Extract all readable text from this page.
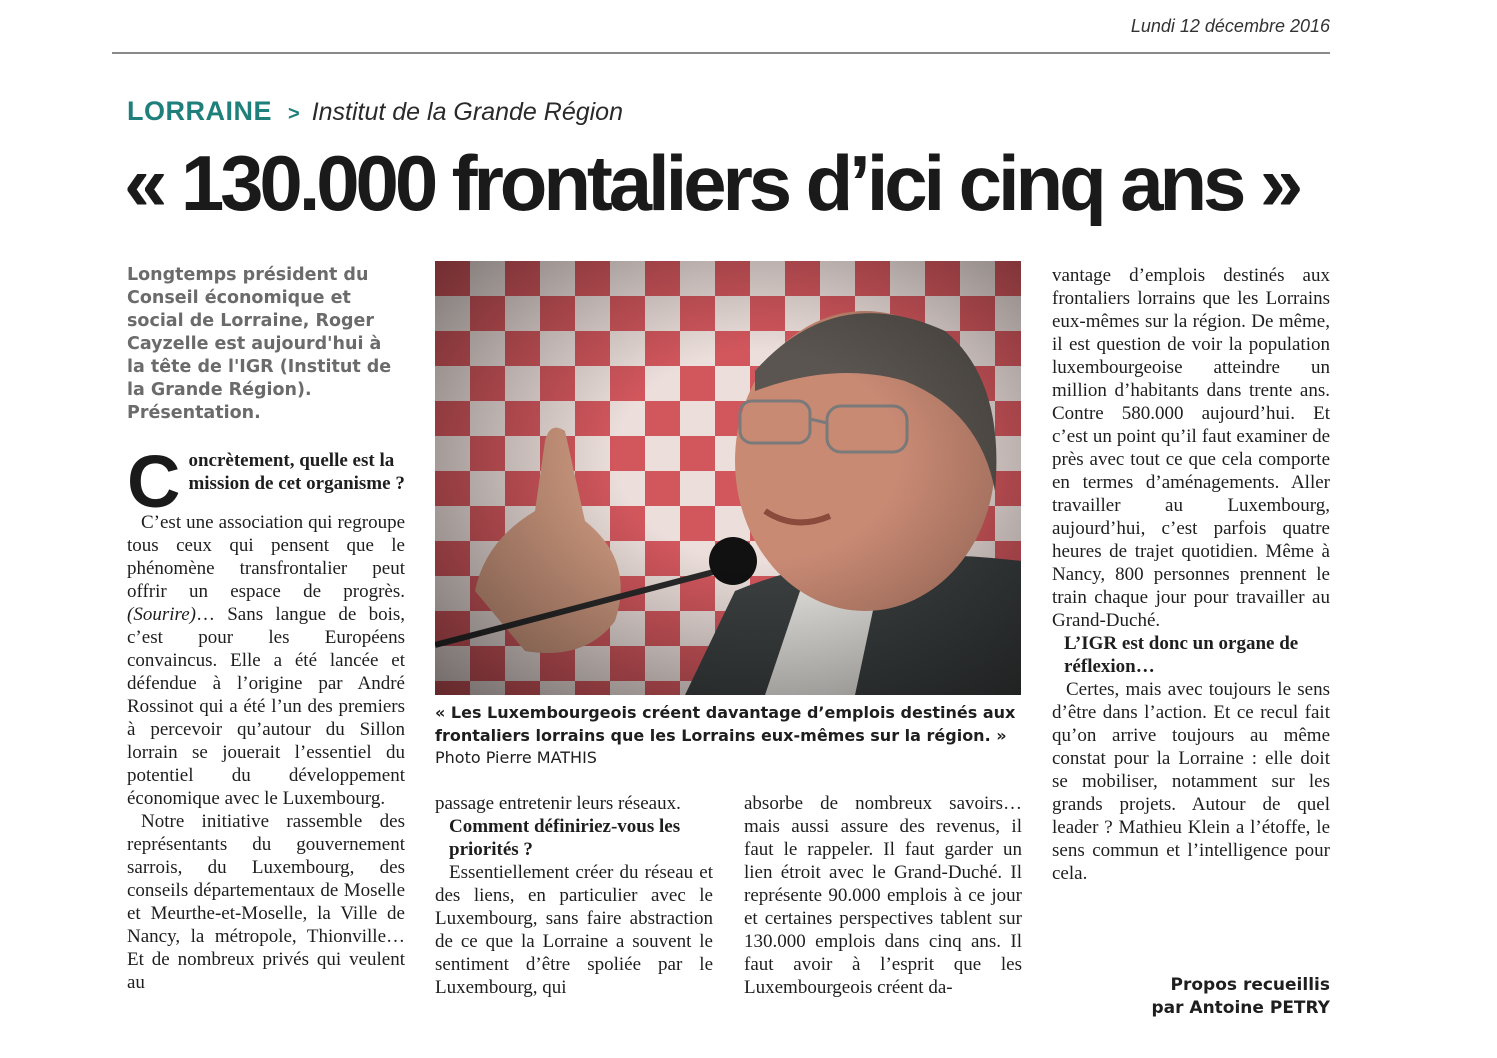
Lundi 12 décembre 2016
LORRAINE > Institut de la Grande Région
« 130.000 frontaliers d’ici cinq ans »

Longtemps président du Conseil économique et social de Lorraine, Roger Cayzelle est aujourd'hui à la tête de l'IGR (Institut de la Grande Région). Présentation.

C oncrètement, quelle est la mission de cet organisme ?

C’est une association qui regroupe tous ceux qui pensent que le phénomène transfrontalier peut offrir un espace de progrès. (Sourire)… Sans langue de bois, c’est pour les Européens convaincus. Elle a été lancée et défendue à l’origine par André Rossinot qui a été l’un des premiers à percevoir qu’autour du Sillon lorrain se jouerait l’essentiel du potentiel du développement économique avec le Luxembourg.

Notre initiative rassemble des représentants du gouvernement sarrois, du Luxembourg, des conseils départementaux de Moselle et Meurthe-et-Moselle, la Ville de Nancy, la métropole, Thionville… Et de nombreux privés qui veulent au

« Les Luxembourgeois créent davantage d’emplois destinés aux frontaliers lorrains que les Lorrains eux-mêmes sur la région. »

Photo Pierre MATHIS

passage entretenir leurs réseaux.

Comment définiriez-vous les priorités ?

Essentiellement créer du réseau et des liens, en particulier avec le Luxembourg, sans faire abstraction de ce que la Lorraine a souvent le sentiment d’être spoliée par le Luxembourg, qui

absorbe de nombreux savoirs… mais aussi assure des revenus, il faut le rappeler. Il faut garder un lien étroit avec le Grand-Duché. Il représente 90.000 emplois à ce jour et certaines perspectives tablent sur 130.000 emplois dans cinq ans. Il faut avoir à l’esprit que les Luxembourgeois créent da-

vantage d’emplois destinés aux frontaliers lorrains que les Lorrains eux-mêmes sur la région. De même, il est question de voir la population luxembourgeoise atteindre un million d’habitants dans trente ans. Contre 580.000 aujourd’hui. Et c’est un point qu’il faut examiner de près avec tout ce que cela comporte en termes d’aménagements. Aller travailler au Luxembourg, aujourd’hui, c’est parfois quatre heures de trajet quotidien. Même à Nancy, 800 personnes prennent le train chaque jour pour travailler au Grand-Duché.

L’IGR est donc un organe de réflexion…

Certes, mais avec toujours le sens d’être dans l’action. Et ce recul fait qu’on arrive toujours au même constat pour la Lorraine : elle doit se mobiliser, notamment sur les grands projets. Autour de quel leader ? Mathieu Klein a l’étoffe, le sens commun et l’intelligence pour cela.

Propos recueillis

par Antoine PETRY
